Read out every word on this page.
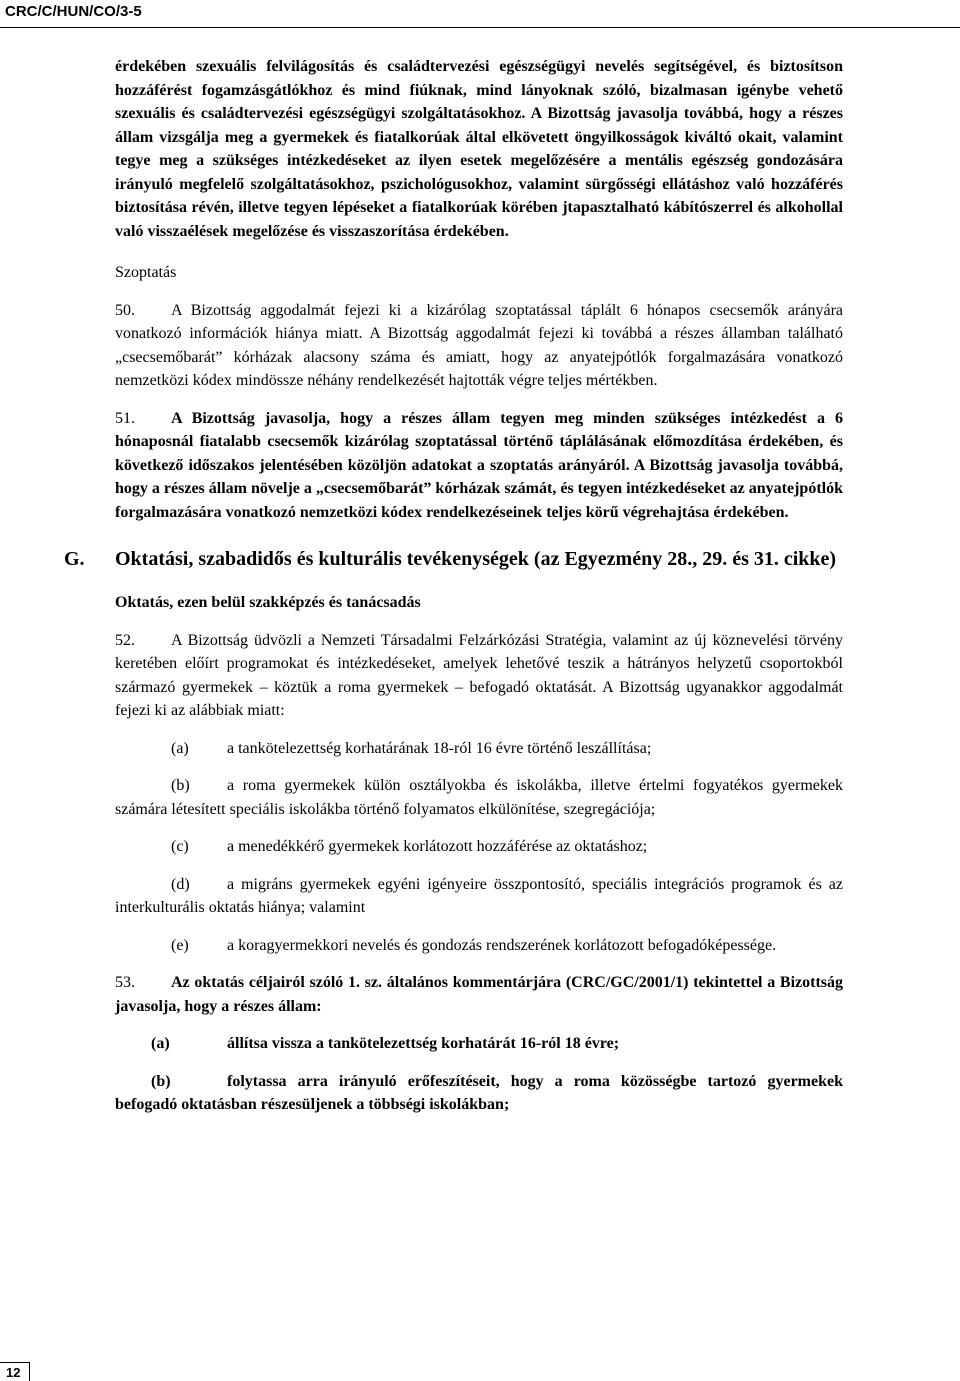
CRC/C/HUN/CO/3-5

érdekében szexuális felvilágosítás és családtervezési egészségügyi nevelés segítségével, és biztosítson hozzáférést fogamzásgátlókhoz és mind fiúknak, mind lányoknak szóló, bizalmasan igénybe vehető szexuális és családtervezési egészségügyi szolgáltatásokhoz. A Bizottság javasolja továbbá, hogy a részes állam vizsgálja meg a gyermekek és fiatalkorúak által elkövetett öngyilkosságok kiváltó okait, valamint tegye meg a szükséges intézkedéseket az ilyen esetek megelőzésére a mentális egészség gondozására irányuló megfelelő szolgáltatásokhoz, pszichológusokhoz, valamint sürgősségi ellátáshoz való hozzáférés biztosítása révén, illetve tegyen lépéseket a fiatalkorúak körében jtapasztalható kábítószerrel és alkohollal való visszaélések megelőzése és visszaszorítása érdekében.

Szoptatás

50. A Bizottság aggodalmát fejezi ki a kizárólag szoptatással táplált 6 hónapos csecsemők arányára vonatkozó információk hiánya miatt. A Bizottság aggodalmát fejezi ki továbbá a részes államban található „csecsemőbarát” kórházak alacsony száma és amiatt, hogy az anyatejpótlók forgalmazására vonatkozó nemzetközi kódex mindössze néhány rendelkezését hajtották végre teljes mértékben.

51. A Bizottság javasolja, hogy a részes állam tegyen meg minden szükséges intézkedést a 6 hónaposnál fiatalabb csecsemők kizárólag szoptatással történő táplálásának előmozdítása érdekében, és következő időszakos jelentésében közöljön adatokat a szoptatás arányáról. A Bizottság javasolja továbbá, hogy a részes állam növelje a „csecsemőbarát” kórházak számát, és tegyen intézkedéseket az anyatejpótlók forgalmazására vonatkozó nemzetközi kódex rendelkezéseinek teljes körű végrehajtása érdekében.

G. Oktatási, szabadidős és kulturális tevékenységek (az Egyezmény 28., 29. és 31. cikke)

Oktatás, ezen belül szakképzés és tanácsadás

52. A Bizottság üdvözli a Nemzeti Társadalmi Felzárkózási Stratégia, valamint az új köznevelési törvény keretében előírt programokat és intézkedéseket, amelyek lehetővé teszik a hátrányos helyzetű csoportokból származó gyermekek – köztük a roma gyermekek – befogadó oktatását. A Bizottság ugyanakkor aggodalmát fejezi ki az alábbiak miatt:

(a) a tankötelezettség korhatárának 18-ról 16 évre történő leszállítása;

(b) a roma gyermekek külön osztályokba és iskolákba, illetve értelmi fogyatékos gyermekek számára létesített speciális iskolákba történő folyamatos elkülönítése, szegregációja;

(c) a menedékkérő gyermekek korlátozott hozzáférése az oktatáshoz;

(d) a migráns gyermekek egyéni igényeire összpontosító, speciális integrációs programok és az interkulturális oktatás hiánya; valamint

(e) a koragyermekkori nevelés és gondozás rendszerének korlátozott befogadóképessége.

53. Az oktatás céljairól szóló 1. sz. általános kommentárjára (CRC/GC/2001/1) tekintettel a Bizottság javasolja, hogy a részes állam:

(a)	állítsa vissza a tankötelezettség korhatárát 16-ról 18 évre;

(b)	folytassa arra irányuló erőfeszítéseit, hogy a roma közösségbe tartozó gyermekek befogadó oktatásban részesüljenek a többségi iskolákban;

12
